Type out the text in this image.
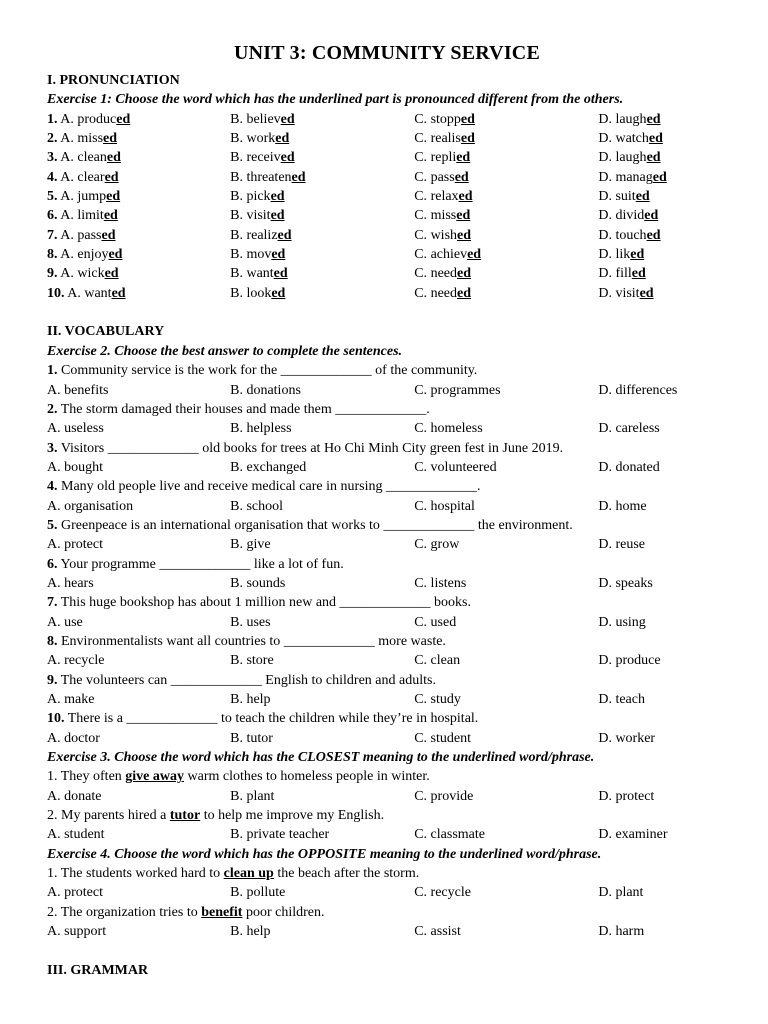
UNIT 3: COMMUNITY SERVICE
I. PRONUNCIATION
Exercise 1: Choose the word which has the underlined part is pronounced different from the others.
1. A. produced	B. believed	C. stopped	D. laughed
2. A. missed	B. worked	C. realised	D. watched
3. A. cleaned	B. received	C. replied	D. laughed
4. A. cleared	B. threatened	C. passed	D. managed
5. A. jumped	B. picked	C. relaxed	D. suited
6. A. limited	B. visited	C. missed	D. divided
7. A. passed	B. realized	C. wished	D. touched
8. A. enjoyed	B. moved	C. achieved	D. liked
9. A. wicked	B. wanted	C. needed	D. filled
10. A. wanted	B. looked	C. needed	D. visited
II. VOCABULARY
Exercise 2. Choose the best answer to complete the sentences.
1. Community service is the work for the _____________ of the community.
A. benefits	B. donations	C. programmes	D. differences
2. The storm damaged their houses and made them _____________.
A. useless	B. helpless	C. homeless	D. careless
3. Visitors _____________ old books for trees at Ho Chi Minh City green fest in June 2019.
A. bought	B. exchanged	C. volunteered	D. donated
4. Many old people live and receive medical care in nursing _____________.
A. organisation	B. school	C. hospital	D. home
5. Greenpeace is an international organisation that works to _____________ the environment.
A. protect	B. give	C. grow	D. reuse
6. Your programme _____________ like a lot of fun.
A. hears	B. sounds	C. listens	D. speaks
7. This huge bookshop has about 1 million new and _____________ books.
A. use	B. uses	C. used	D. using
8. Environmentalists want all countries to _____________ more waste.
A. recycle	B. store	C. clean	D. produce
9. The volunteers can _____________ English to children and adults.
A. make	B. help	C. study	D. teach
10. There is a _____________ to teach the children while they’re in hospital.
A. doctor	B. tutor	C. student	D. worker
Exercise 3. Choose the word which has the CLOSEST meaning to the underlined word/phrase.
1. They often give away warm clothes to homeless people in winter.
A. donate	B. plant	C. provide	D. protect
2. My parents hired a tutor to help me improve my English.
A. student	B. private teacher	C. classmate	D. examiner
Exercise 4. Choose the word which has the OPPOSITE meaning to the underlined word/phrase.
1. The students worked hard to clean up the beach after the storm.
A. protect	B. pollute	C. recycle	D. plant
2. The organization tries to benefit poor children.
A. support	B. help	C. assist	D. harm
III. GRAMMAR
